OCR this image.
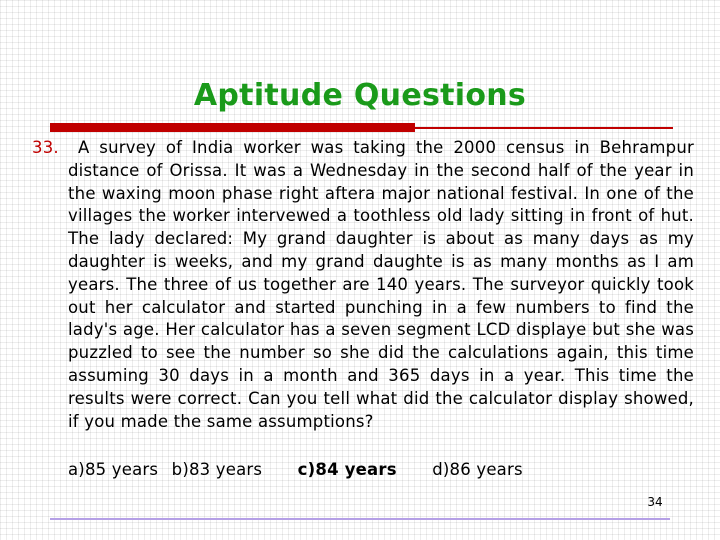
Aptitude Questions
33.	A survey of India worker was taking the 2000 census in Behrampur distance of Orissa. It was a Wednesday in the second half of the year in the waxing moon phase right aftera major national festival. In one of the villages the worker intervewed a toothless old lady sitting in front of hut. The lady declared: My grand daughter is about as many days as my daughter is weeks, and my grand daughte is as many months as I am years. The three of us together are 140 years. The surveyor quickly took out her calculator and started punching in a few numbers to find the lady's age. Her calculator has a seven segment LCD displaye but she was puzzled to see the number so she did the calculations again, this time assuming 30 days in a month and 365 days in a year. This time the results were correct. Can you tell what did the calculator display showed, if you made the same assumptions?
a)85 years b)83 years c)84 years d)86 years
34
